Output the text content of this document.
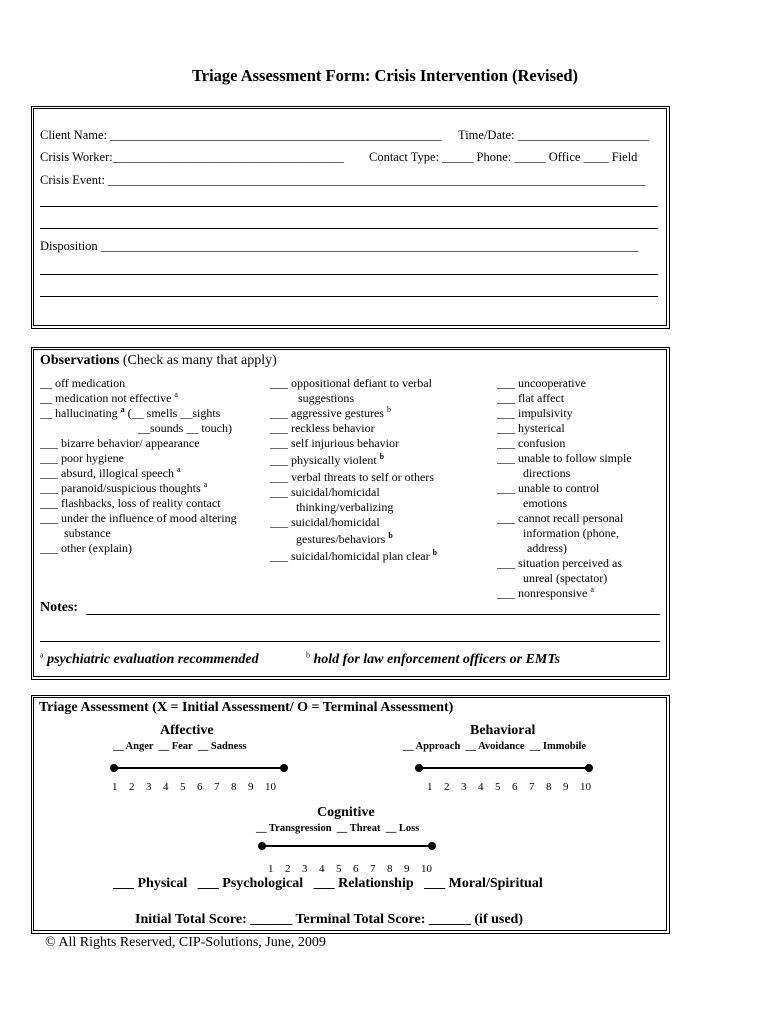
Triage Assessment Form: Crisis Intervention (Revised)
Client Name: _____________________________________________________ Time/Date: _____________________
Crisis Worker:_____________________________________ Contact Type: _____ Phone: _____ Office ____ Field
Crisis Event: ______________________________________________________________________________________
Disposition ______________________________________________________________________________________
Observations (Check as many that apply)
__ off medication
__ medication not effective $^a$
__ hallucinating $^a$ (__ smells __sights
__sounds __ touch)
___ bizarre behavior/ appearance
___ poor hygiene
___ absurd, illogical speech $^a$
___ paranoid/suspicious thoughts $^a$
___ flashbacks, loss of reality contact
___ under the influence of mood altering
substance
___ other (explain)
___ oppositional defiant to verbal
suggestions
___ aggressive gestures $^b$
___ reckless behavior
___ self injurious behavior
___ physically violent $^b$
___ verbal threats to self or others
___ suicidal/homicidal
thinking/verbalizing
___ suicidal/homicidal
gestures/behaviors $^b$
___ suicidal/homicidal plan clear $^b$
___ uncooperative
___ flat affect
___ impulsivity
___ hysterical
___ confusion
___ unable to follow simple
directions
___ unable to control
emotions
___ cannot recall personal
information (phone,
address)
___ situation perceived as
unreal (spectator)
___ nonresponsive $^a$
Notes:
$^a$ psychiatric evaluation recommended	$^b$ hold for law enforcement officers or EMTs
Triage Assessment (X = Initial Assessment/ O = Terminal Assessment)
Affective
__ Anger  __ Fear  __ Sadness
1 2 3 4 5 6 7 8 9 10
Behavioral
__ Approach  __ Avoidance  __ Immobile
1 2 3 4 5 6 7 8 9 10
Cognitive
__ Transgression  __ Threat  __ Loss
1 2 3 4 5 6 7 8 9 10
___ Physical   ___ Psychological   ___ Relationship   ___ Moral/Spiritual
Initial Total Score: ______ Terminal Total Score: ______ (if used)
© All Rights Reserved, CIP-Solutions, June, 2009
